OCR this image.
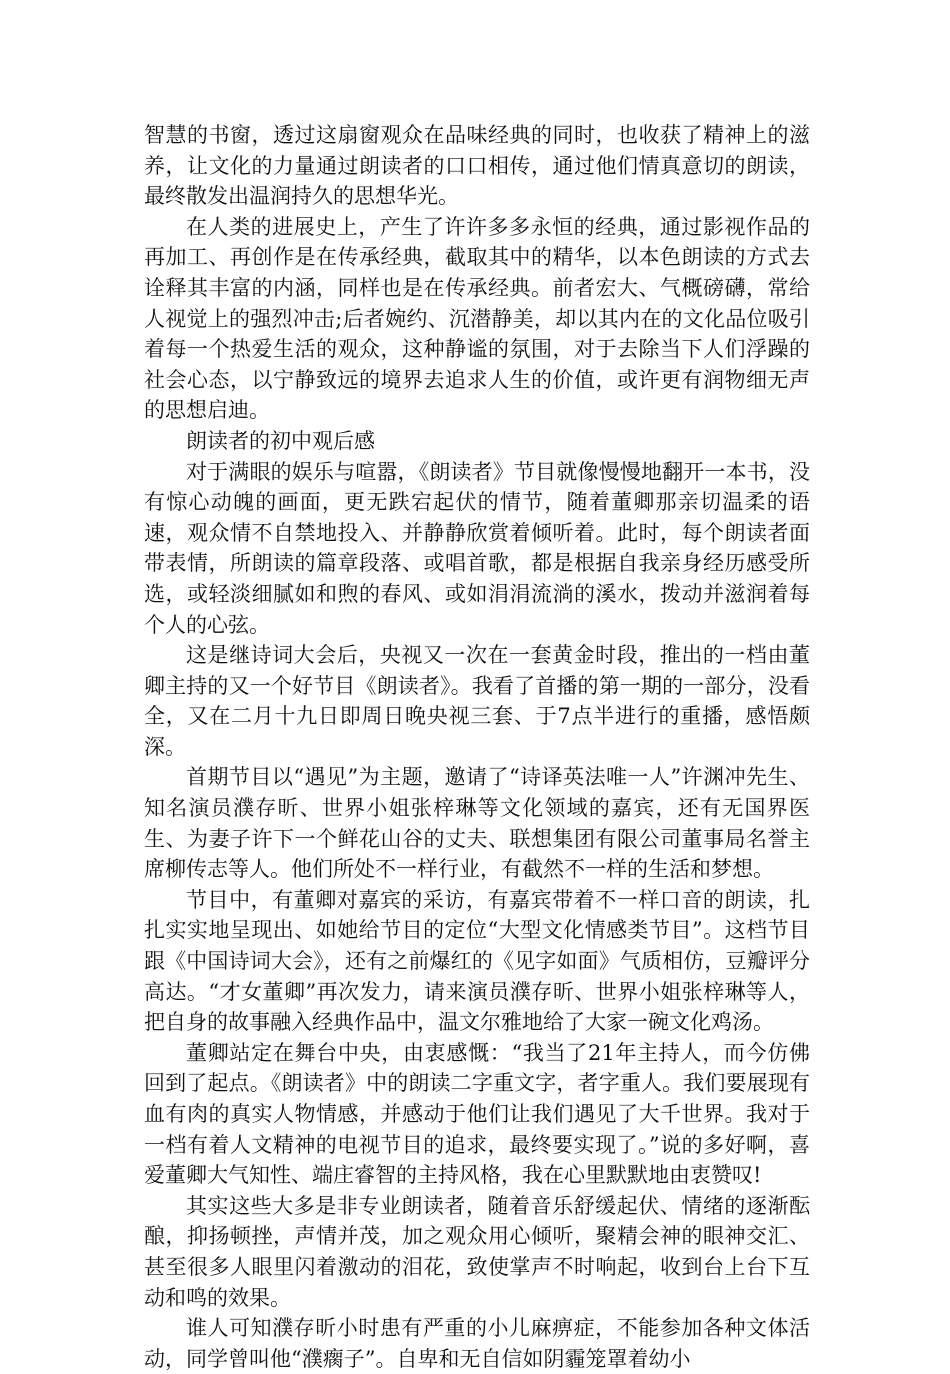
智慧的书窗，透过这扇窗观众在品味经典的同时，也收获了精神上的滋养，让文化的力量通过朗读者的口口相传，通过他们情真意切的朗读，最终散发出温润持久的思想华光。

在人类的进展史上，产生了许许多多永恒的经典，通过影视作品的再加工、再创作是在传承经典，截取其中的精华，以本色朗读的方式去诠释其丰富的内涵，同样也是在传承经典。前者宏大、气概磅礴，常给人视觉上的强烈冲击;后者婉约、沉潜静美，却以其内在的文化品位吸引着每一个热爱生活的观众，这种静谧的氛围，对于去除当下人们浮躁的社会心态，以宁静致远的境界去追求人生的价值，或许更有润物细无声的思想启迪。

朗读者的初中观后感

对于满眼的娱乐与喧嚣，《朗读者》节目就像慢慢地翻开一本书，没有惊心动魄的画面，更无跌宕起伏的情节，随着董卿那亲切温柔的语速，观众情不自禁地投入、并静静欣赏着倾听着。此时，每个朗读者面带表情，所朗读的篇章段落、或唱首歌，都是根据自我亲身经历感受所选，或轻淡细腻如和煦的春风、或如涓涓流淌的溪水，拨动并滋润着每个人的心弦。

这是继诗词大会后，央视又一次在一套黄金时段，推出的一档由董卿主持的又一个好节目《朗读者》。我看了首播的第一期的一部分，没看全，又在二月十九日即周日晚央视三套、于7点半进行的重播，感悟颇深。

首期节目以“遇见”为主题，邀请了“诗译英法唯一人”许渊冲先生、知名演员濮存昕、世界小姐张梓琳等文化领域的嘉宾，还有无国界医生、为妻子许下一个鲜花山谷的丈夫、联想集团有限公司董事局名誉主席柳传志等人。他们所处不一样行业，有截然不一样的生活和梦想。

节目中，有董卿对嘉宾的采访，有嘉宾带着不一样口音的朗读，扎扎实实地呈现出、如她给节目的定位“大型文化情感类节目”。这档节目跟《中国诗词大会》，还有之前爆红的《见字如面》气质相仿，豆瓣评分高达。“才女董卿”再次发力，请来演员濮存昕、世界小姐张梓琳等人，把自身的故事融入经典作品中，温文尔雅地给了大家一碗文化鸡汤。

董卿站定在舞台中央，由衷感慨：“我当了21年主持人，而今仿佛回到了起点。《朗读者》中的朗读二字重文字，者字重人。我们要展现有血有肉的真实人物情感，并感动于他们让我们遇见了大千世界。我对于一档有着人文精神的电视节目的追求，最终要实现了。”说的多好啊，喜爱董卿大气知性、端庄睿智的主持风格，我在心里默默地由衷赞叹!

其实这些大多是非专业朗读者，随着音乐舒缓起伏、情绪的逐渐酝酿，抑扬顿挫，声情并茂，加之观众用心倾听，聚精会神的眼神交汇、甚至很多人眼里闪着激动的泪花，致使掌声不时响起，收到台上台下互动和鸣的效果。

谁人可知濮存昕小时患有严重的小儿麻痹症，不能参加各种文体活动，同学曾叫他“濮瘸子”。自卑和无自信如阴霾笼罩着幼小
